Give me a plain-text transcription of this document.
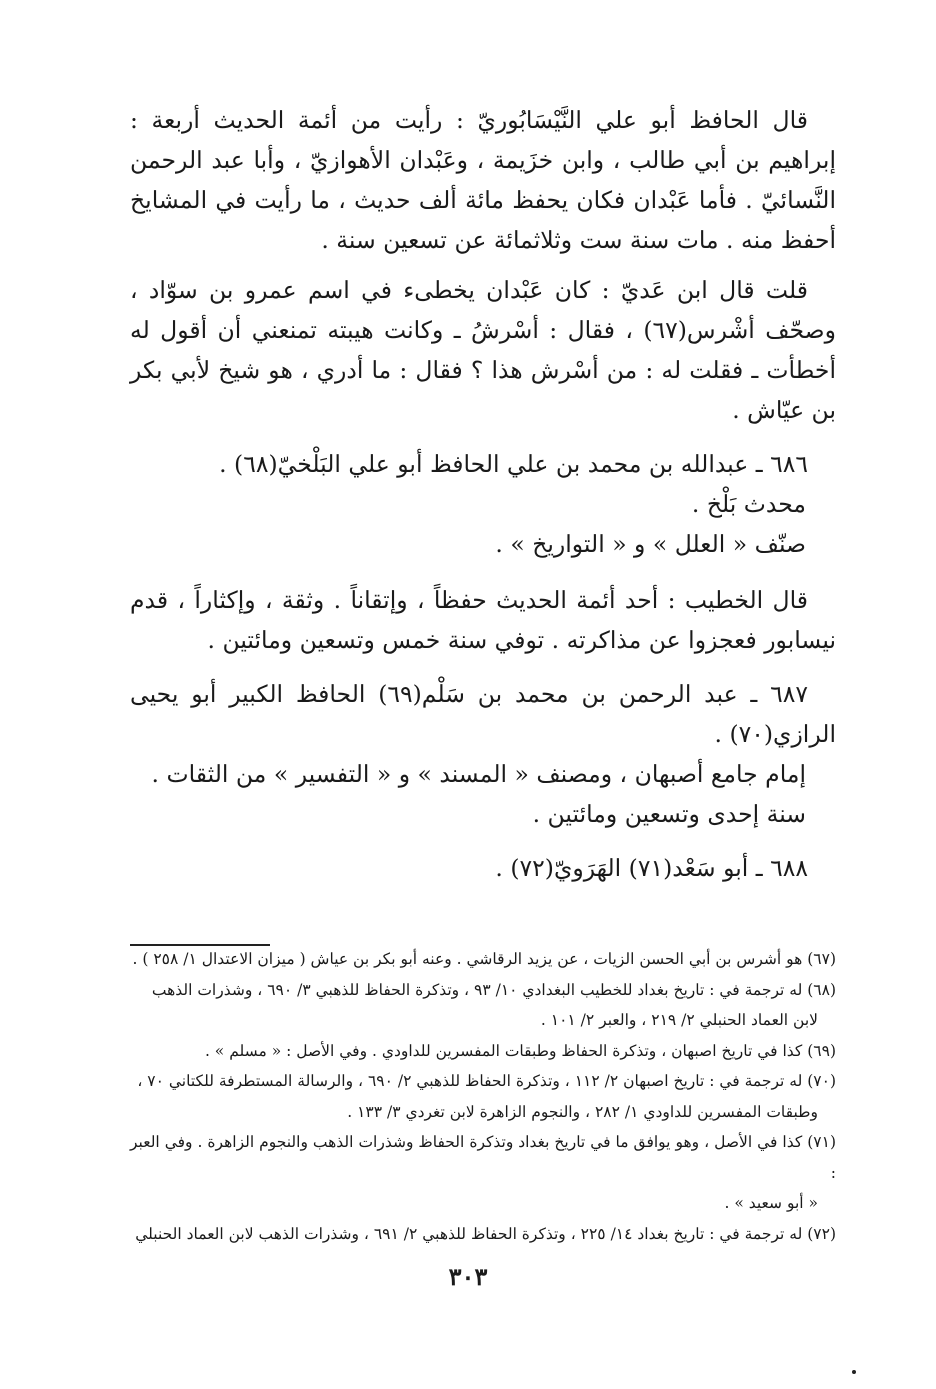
قال الحافظ أبو علي النَّيْسَابُوريّ : رأيت من أئمة الحديث أربعة : إبراهيم بن أبي طالب ، وابن خزَيمة ، وعَبْدان الأهوازيّ ، وأبا عبد الرحمن النَّسائيّ . فأما عَبْدان فكان يحفظ مائة ألف حديث ، ما رأيت في المشايخ أحفظ منه . مات سنة ست وثلاثمائة عن تسعين سنة .

قلت قال ابن عَديّ : كان عَبْدان يخطىء في اسم عمرو بن سوّاد ، وصحّف أشْرس(٦٧) ، فقال : أسْرشُ ـ وكانت هيبته تمنعني أن أقول له أخطأت ـ فقلت له : من أسْرش هذا ؟ فقال : ما أدري ، هو شيخ لأبي بكر بن عيّاش .

٦٨٦ ـ عبدالله بن محمد بن علي الحافظ أبو علي البَلْخيّ(٦٨) .

محدث بَلْخ .

صنّف « العلل » و « التواريخ » .

قال الخطيب : أحد أئمة الحديث حفظاً ، وإتقاناً . وثقة ، وإكثاراً ، قدم نيسابور فعجزوا عن مذاكرته . توفي سنة خمس وتسعين ومائتين .

٦٨٧ ـ عبد الرحمن بن محمد بن سَلْم(٦٩) الحافظ الكبير أبو يحيى الرازي(٧٠) .

إمام جامع أصبهان ، ومصنف « المسند » و « التفسير » من الثقات .

سنة إحدى وتسعين ومائتين .

٦٨٨ ـ أبو سَعْد(٧١) الهَرَويّ(٧٢) .

(٦٧) هو أشرس بن أبي الحسن الزيات ، عن يزيد الرقاشي . وعنه أبو بكر بن عياش ( ميزان الاعتدال ١/ ٢٥٨ ) .

(٦٨) له ترجمة في : تاريخ بغداد للخطيب البغدادي ١٠/ ٩٣ ، وتذكرة الحفاظ للذهبي ٣/ ٦٩٠ ، وشذرات الذهب

لابن العماد الحنبلي ٢/ ٢١٩ ، والعبر ٢/ ١٠١ .

(٦٩) كذا في تاريخ اصبهان ، وتذكرة الحفاظ وطبقات المفسرين للداودي . وفي الأصل : « مسلم » .

(٧٠) له ترجمة في : تاريخ اصبهان ٢/ ١١٢ ، وتذكرة الحفاظ للذهبي ٢/ ٦٩٠ ، والرسالة المستطرفة للكتاني ٧٠ ،

وطبقات المفسرين للداودي ١/ ٢٨٢ ، والنجوم الزاهرة لابن تغردي ٣/ ١٣٣ .

(٧١) كذا في الأصل ، وهو يوافق ما في تاريخ بغداد وتذكرة الحفاظ وشذرات الذهب والنجوم الزاهرة . وفي العبر :

« أبو سعيد » .

(٧٢) له ترجمة في : تاريخ بغداد ١٤/ ٢٢٥ ، وتذكرة الحفاظ للذهبي ٢/ ٦٩١ ، وشذرات الذهب لابن العماد الحنبلي

٣٠٣
